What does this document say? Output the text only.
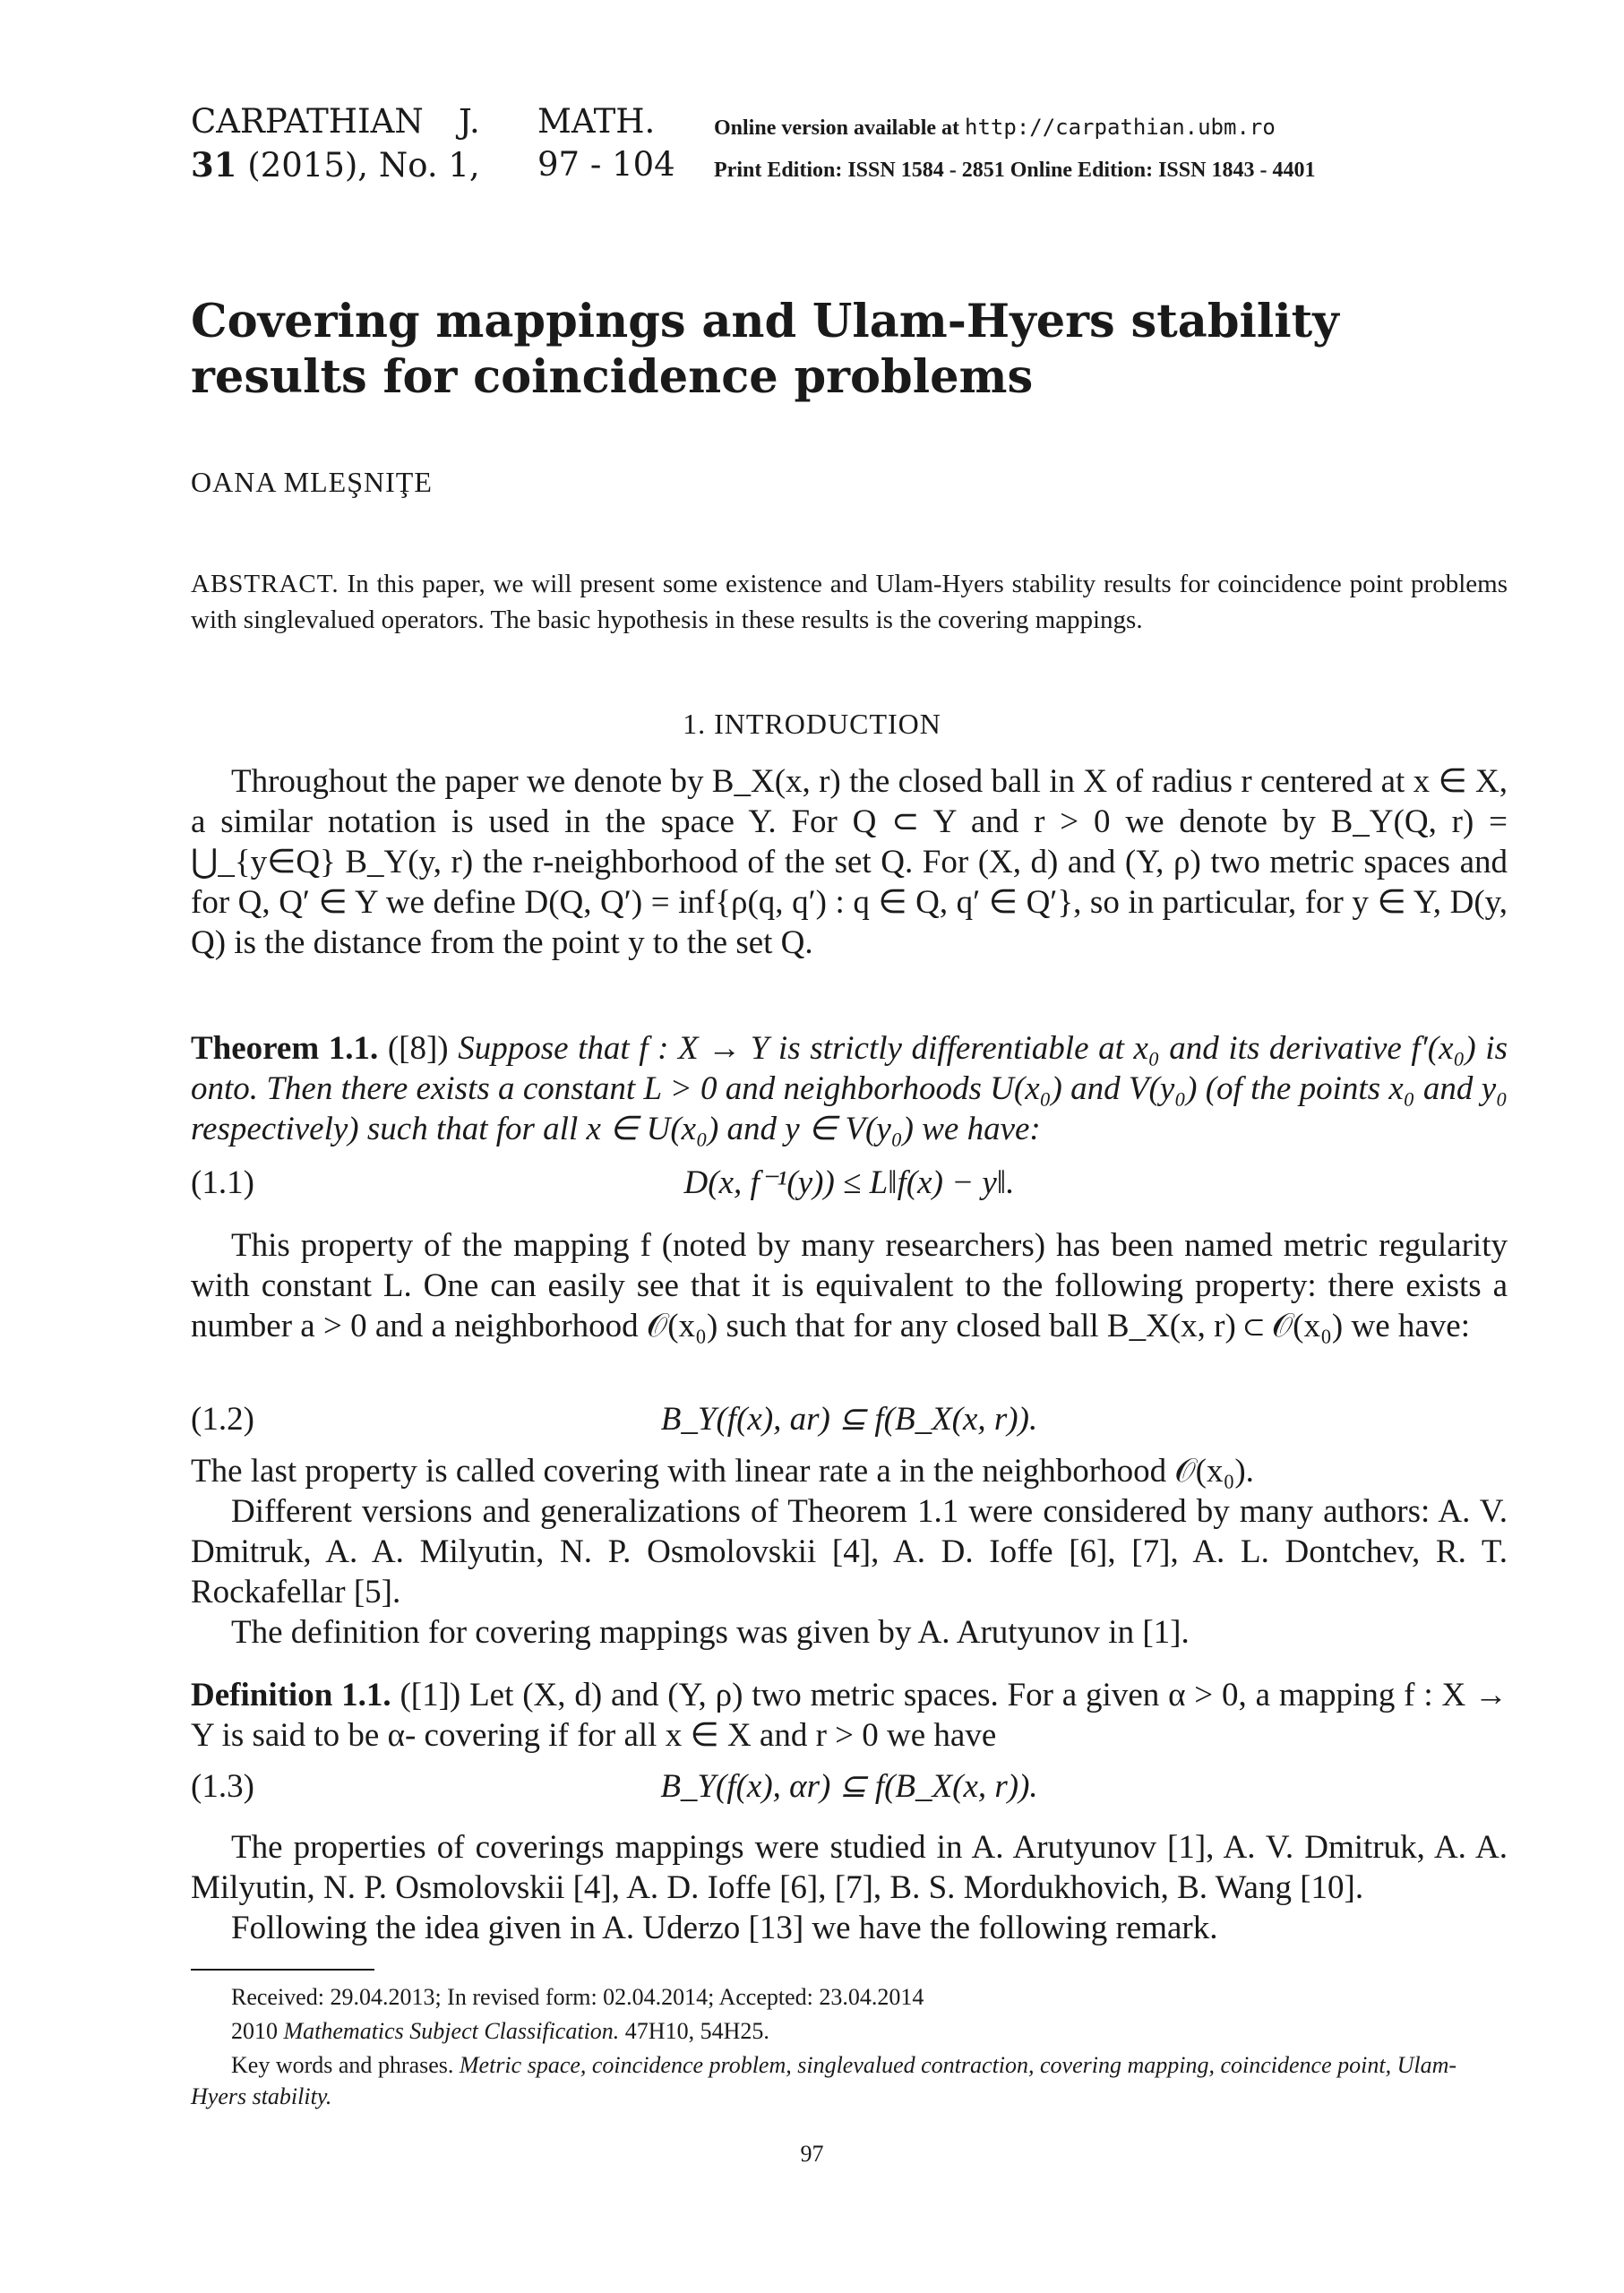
CARPATHIAN J. MATH.
31 (2015), No. 1, 97 - 104
Online version available at http://carpathian.ubm.ro
Print Edition: ISSN 1584 - 2851 Online Edition: ISSN 1843 - 4401
Covering mappings and Ulam-Hyers stability results for coincidence problems
OANA MLEŞNIŢE
ABSTRACT. In this paper, we will present some existence and Ulam-Hyers stability results for coincidence point problems with singlevalued operators. The basic hypothesis in these results is the covering mappings.
1. INTRODUCTION
Throughout the paper we denote by B_X(x, r) the closed ball in X of radius r centered at x ∈ X, a similar notation is used in the space Y. For Q ⊂ Y and r > 0 we denote by B_Y(Q, r) = ⋃_{y∈Q} B_Y(y, r) the r-neighborhood of the set Q. For (X, d) and (Y, ρ) two metric spaces and for Q, Q′ ∈ Y we define D(Q, Q′) = inf{ρ(q, q′) : q ∈ Q, q′ ∈ Q′}, so in particular, for y ∈ Y, D(y, Q) is the distance from the point y to the set Q.
Theorem 1.1. ([8]) Suppose that f : X → Y is strictly differentiable at x₀ and its derivative f′(x₀) is onto. Then there exists a constant L > 0 and neighborhoods U(x₀) and V(y₀) (of the points x₀ and y₀ respectively) such that for all x ∈ U(x₀) and y ∈ V(y₀) we have:
(1.1)	D(x, f⁻¹(y)) ≤ L‖f(x) − y‖.
This property of the mapping f (noted by many researchers) has been named metric regularity with constant L. One can easily see that it is equivalent to the following property: there exists a number a > 0 and a neighborhood 𝒪(x₀) such that for any closed ball B_X(x, r) ⊂ 𝒪(x₀) we have:
(1.2)	B_Y(f(x), ar) ⊆ f(B_X(x, r)).
The last property is called covering with linear rate a in the neighborhood 𝒪(x₀).
Different versions and generalizations of Theorem 1.1 were considered by many authors: A. V. Dmitruk, A. A. Milyutin, N. P. Osmolovskii [4], A. D. Ioffe [6], [7], A. L. Dontchev, R. T. Rockafellar [5].
The definition for covering mappings was given by A. Arutyunov in [1].
Definition 1.1. ([1]) Let (X, d) and (Y, ρ) two metric spaces. For a given α > 0, a mapping f : X → Y is said to be α- covering if for all x ∈ X and r > 0 we have
(1.3)	B_Y(f(x), αr) ⊆ f(B_X(x, r)).
The properties of coverings mappings were studied in A. Arutyunov [1], A. V. Dmitruk, A. A. Milyutin, N. P. Osmolovskii [4], A. D. Ioffe [6], [7], B. S. Mordukhovich, B. Wang [10].
Following the idea given in A. Uderzo [13] we have the following remark.
Received: 29.04.2013; In revised form: 02.04.2014; Accepted: 23.04.2014
2010 Mathematics Subject Classification. 47H10, 54H25.
Key words and phrases. Metric space, coincidence problem, singlevalued contraction, covering mapping, coincidence point, Ulam-Hyers stability.
97
